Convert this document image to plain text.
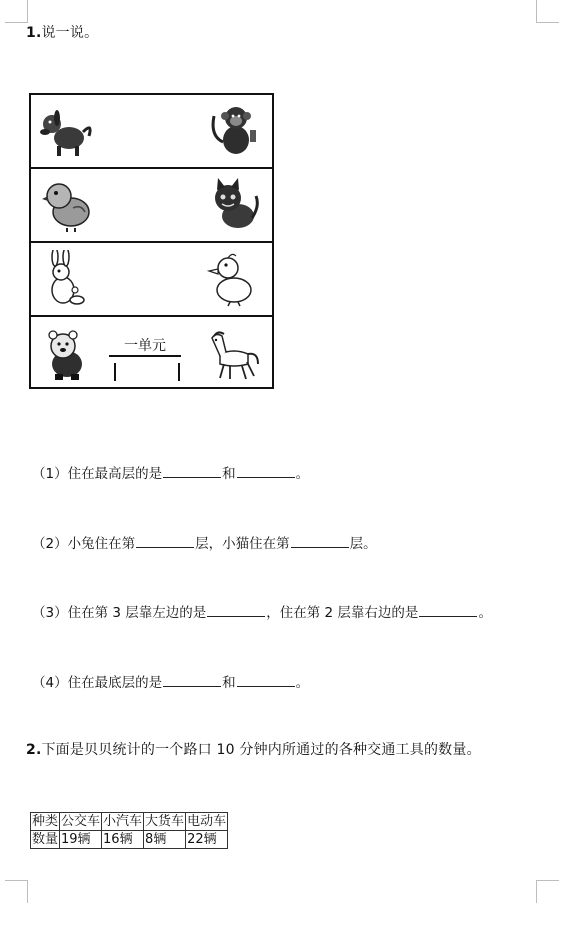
1.说一说。
一单元
（1）住在最高层的是	和	。
（2）小兔住在第	层，小猫住在第	层。
（3）住在第 3 层靠左边的是	，住在第 2 层靠右边的是	。
（4）住在最底层的是	和	。
2.下面是贝贝统计的一个路口 10 分钟内所通过的各种交通工具的数量。
种类	公交车	小汽车	大货车	电动车
数量	19辆	16辆	8辆	22辆
